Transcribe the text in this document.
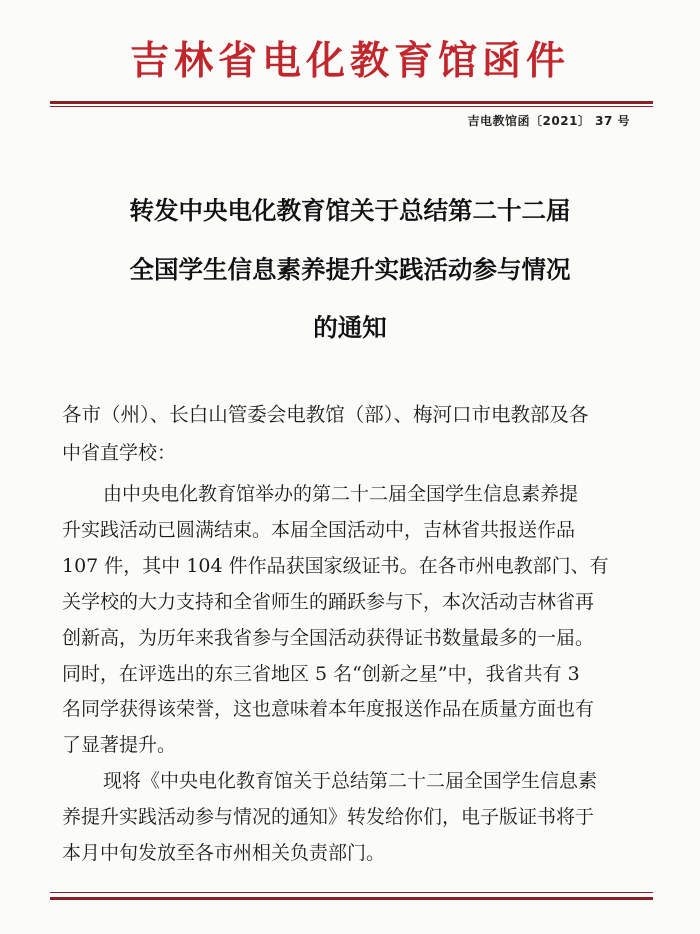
吉林省电化教育馆函件
吉电教馆函〔2021〕 37 号
转发中央电化教育馆关于总结第二十二届
全国学生信息素养提升实践活动参与情况
的通知
各市（州）、长白山管委会电教馆（部）、梅河口市电教部及各
中省直学校：
由中央电化教育馆举办的第二十二届全国学生信息素养提
升实践活动已圆满结束。本届全国活动中，吉林省共报送作品
107 件，其中 104 件作品获国家级证书。在各市州电教部门、有
关学校的大力支持和全省师生的踊跃参与下，本次活动吉林省再
创新高，为历年来我省参与全国活动获得证书数量最多的一届。
同时，在评选出的东三省地区 5 名“创新之星”中，我省共有 3
名同学获得该荣誉，这也意味着本年度报送作品在质量方面也有
了显著提升。
现将《中央电化教育馆关于总结第二十二届全国学生信息素
养提升实践活动参与情况的通知》转发给你们，电子版证书将于
本月中旬发放至各市州相关负责部门。
